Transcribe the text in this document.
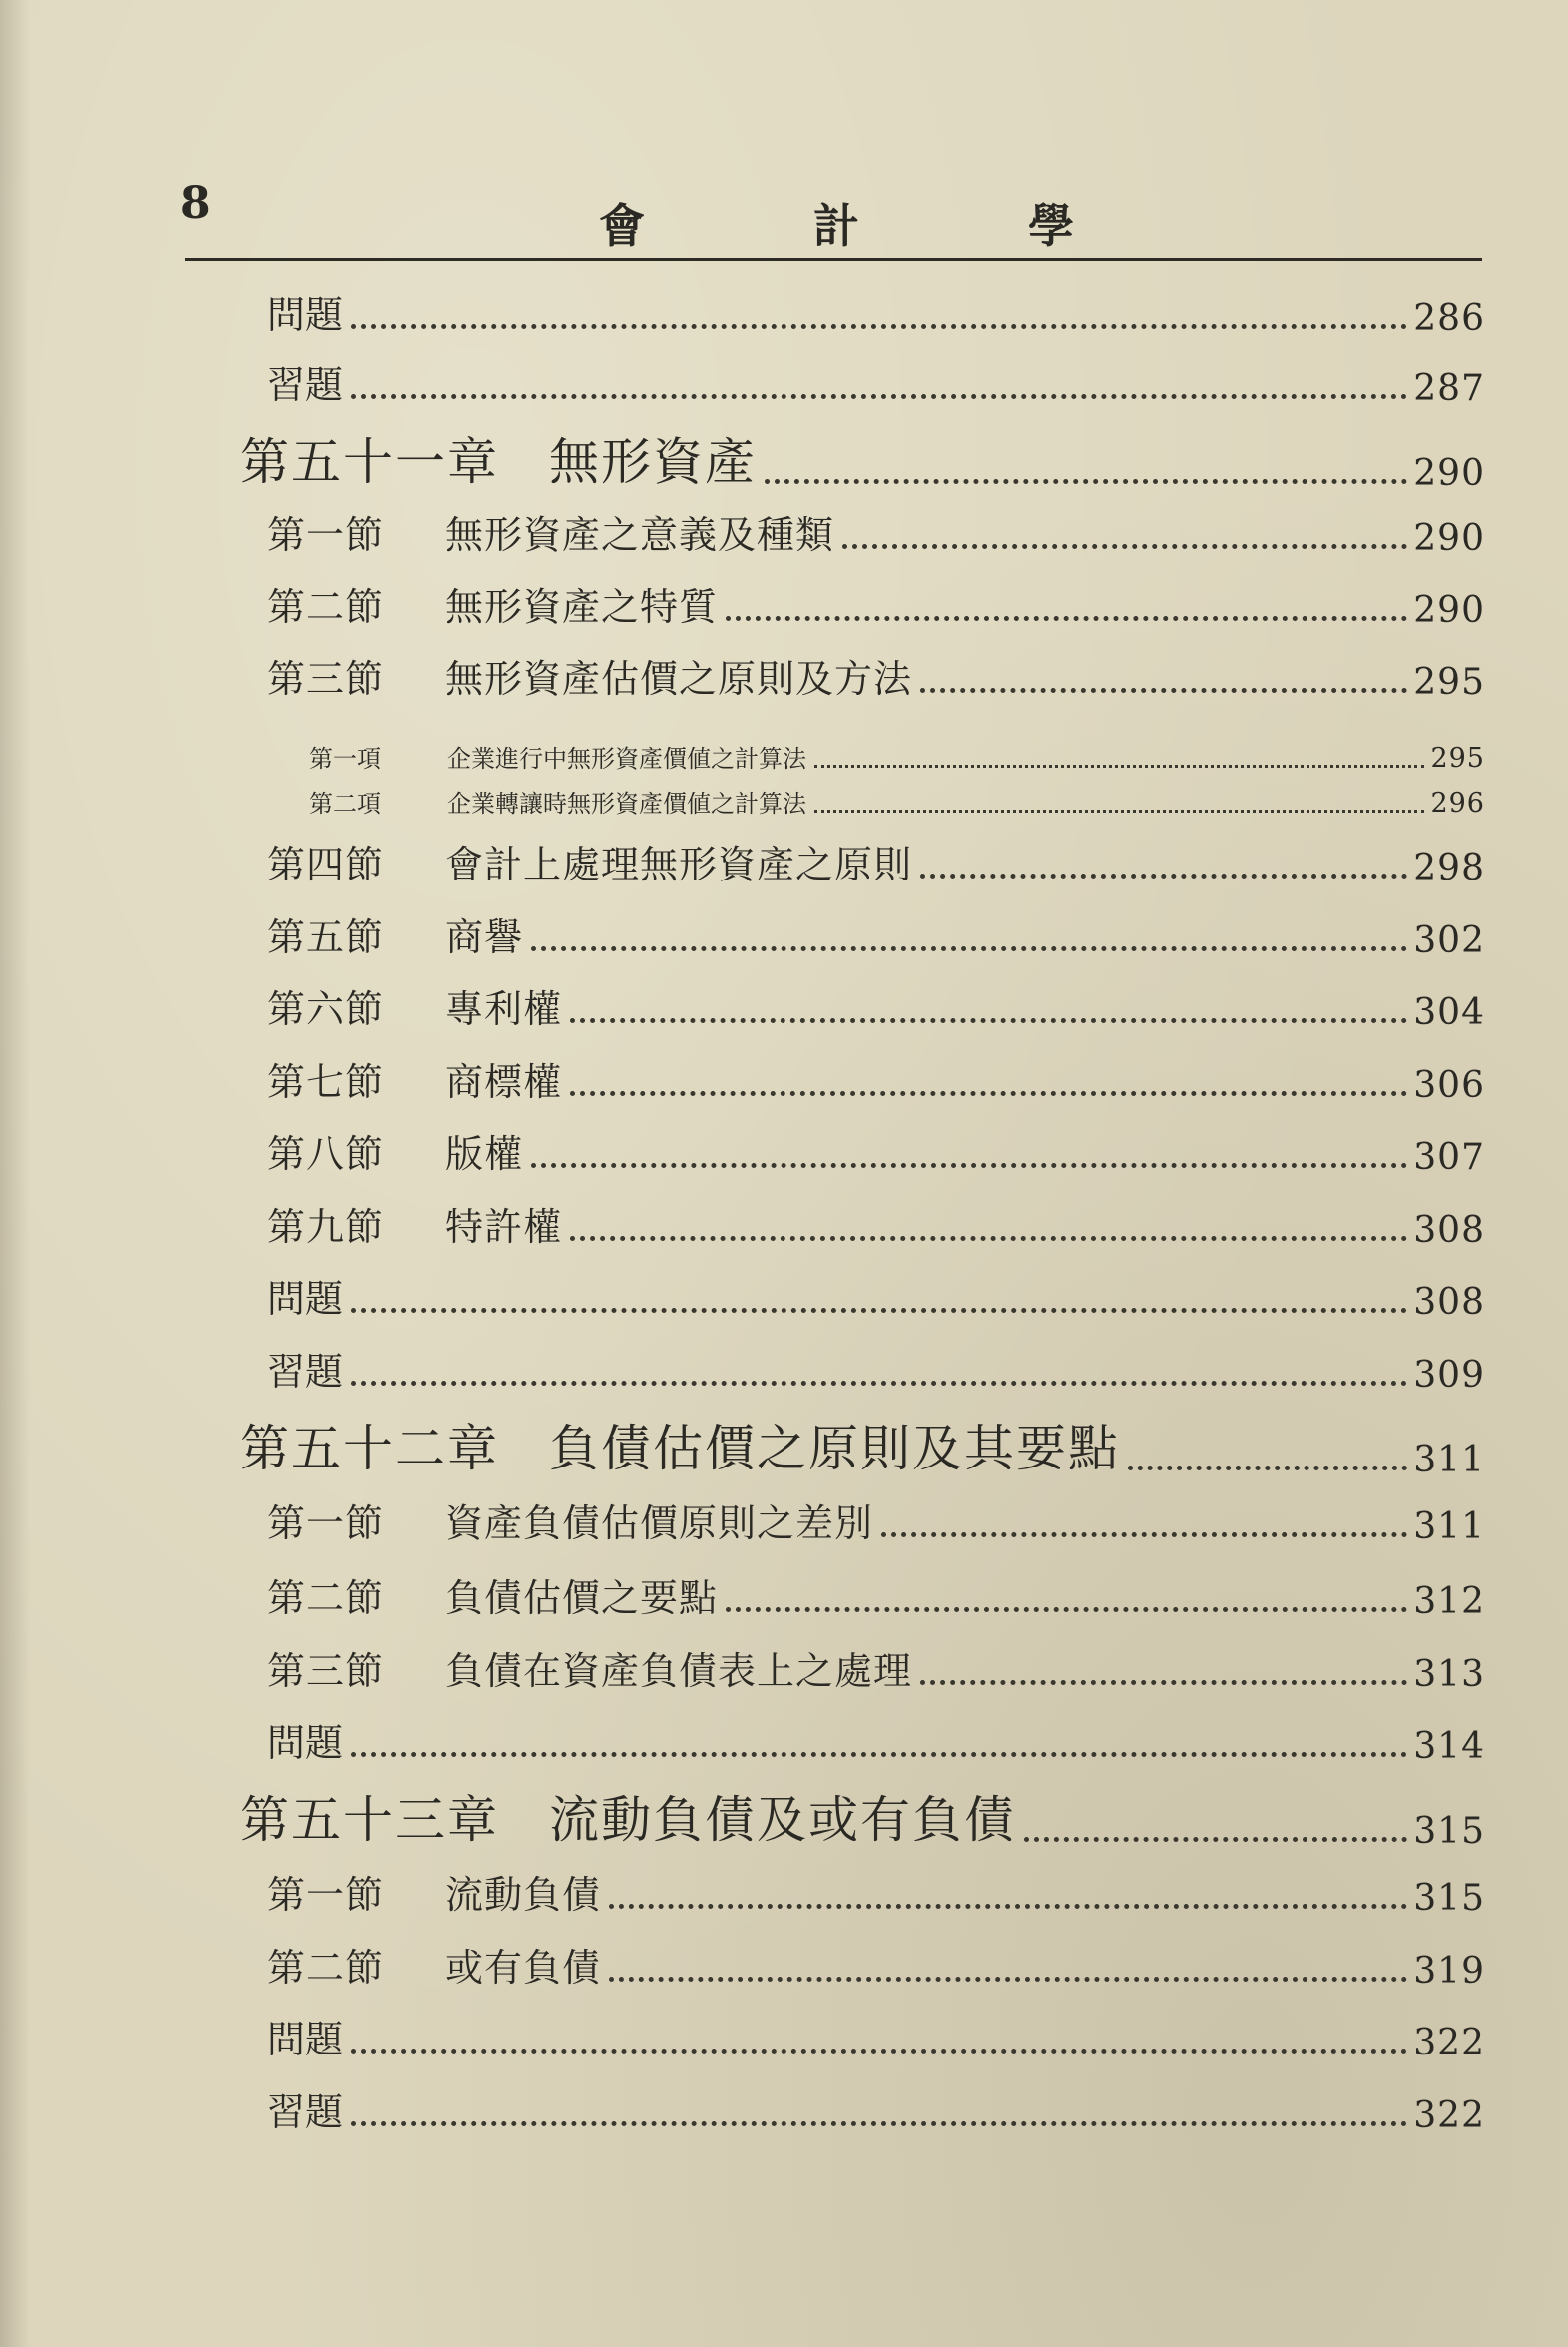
8	會	計	學
問題	286
習題	287
第五十一章 無形資產	290
第一節	無形資產之意義及種類	290
第二節	無形資產之特質	290
第三節	無形資產估價之原則及方法	295
第一項	企業進行中無形資產價値之計算法	295
第二項	企業轉讓時無形資產價値之計算法	296
第四節	會計上處理無形資產之原則	298
第五節	商譽	302
第六節	專利權	304
第七節	商標權	306
第八節	版權	307
第九節	特許權	308
問題	308
習題	309
第五十二章 負債估價之原則及其要點	311
第一節	資產負債估價原則之差別	311
第二節	負債估價之要點	312
第三節	負債在資產負債表上之處理	313
問題	314
第五十三章 流動負債及或有負債	315
第一節	流動負債	315
第二節	或有負債	319
問題	322
習題	322
